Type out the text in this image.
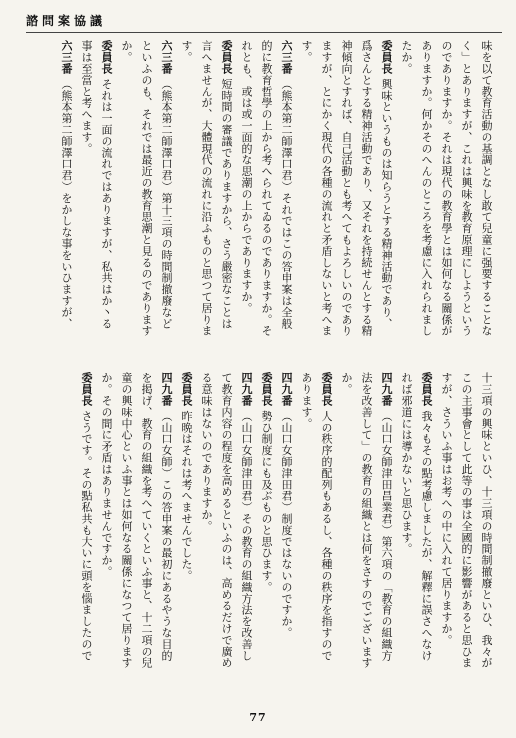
諮問案協議

味を以て教育活動の基調となし敢て兒童に强要することなく」とありますが、これは興味を教育原理にしようというのでありますか。それは現代の教育學とは如何なる關係がありますか。何かそのへんのところを考慮に入れられましたか。

委員長興味というものは知らうとする精神活動であり、爲さんとする精神活動であり、又それを持続せんとする精神傾向とすれば、自己活動とも考へてもよろしいのでありますが、とにかく現代の各種の流れと矛盾しないと考へます。

六三番（熊本第二師澤口君）それではこの答申案は全般的に教育哲學の上から考へられてゐるのでありますか。それとも、或は或一面的な思潮の上からでありますか。

委員長短時間の審議でありますから、さう嚴密なことは言へませんが、大體現代の流れに沿ふものと思つて居ります。

六三番（熊本第二師澤口君）第十三項の時間制撤廢などといふのも、それでは最近の教育思潮と見るのでありますか。

委員長それは一面の流れではありますが、私共はか丶る事は至當と考へます。

六三番（熊本第二師澤口君）をかしな事をいひますが、

十三項の興味といひ、十三項の時間制撤廢といひ、我々がこの主事會として此等の事は全國的に影響があると思ひますが、さういふ事はお考への中に入れて居りますか。

委員長我々もその點考慮しましたが、解釋に誤さへなければ邪道には導かないと思ひます。

四九番（山口女師津田昌業君）第六項の「教育の組織方法を改善して」の教育の組織とは何をさすのでございますか。

委員長人の秩序的配列もあるし、各種の秩序を指すのであります。

四九番（山口女師津田君）制度ではないのですか。

委員長勢ひ制度にも及ぶものと思ひます。

四九番（山口女師津田君）その教育の組織方法を改善して教育内容の程度を高めるといふのは、高めるだけで廣める意味はないのでありますか。

委員長昨晩はそれは考へませんでした。

四九番（山口女師）この答申案の最初にあるやうな目的を掲げ、教育の組織を考へていくといふ事と、十二項の兒童の興味中心といふ事とは如何なる關係になつて居りますか。その間に矛盾はありませんですか。

委員長さうです。その點私共も大いに頭を惱ましたので

77
